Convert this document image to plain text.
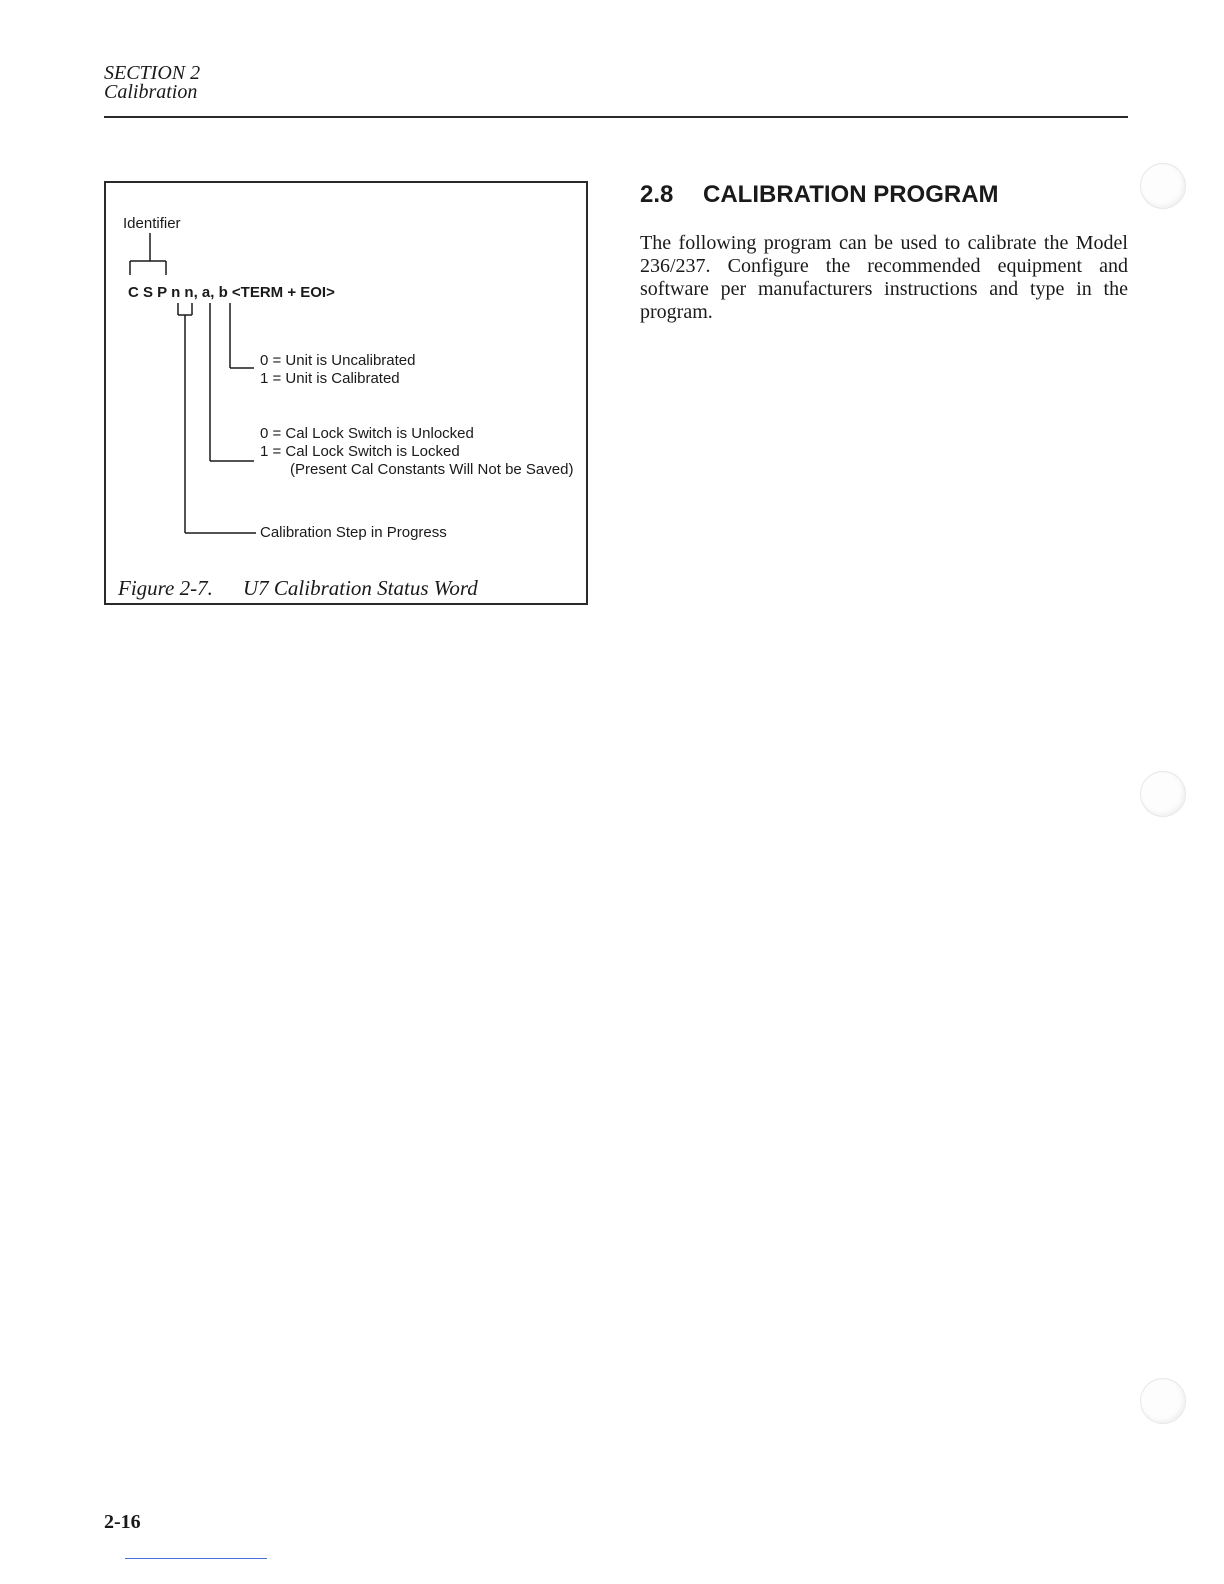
SECTION 2
Calibration
Identifier
C S P n n, a, b <TERM + EOI>
0 = Unit is Uncalibrated
1 = Unit is Calibrated
0 = Cal Lock Switch is Unlocked
1 = Cal Lock Switch is Locked
(Present Cal Constants Will Not be Saved)
Calibration Step in Progress
Figure 2-7. U7 Calibration Status Word
2.8 CALIBRATION PROGRAM
The following program can be used to calibrate the Model 236/237. Configure the recommended equipment and software per manufacturers instructions and type in the program.
2-16
